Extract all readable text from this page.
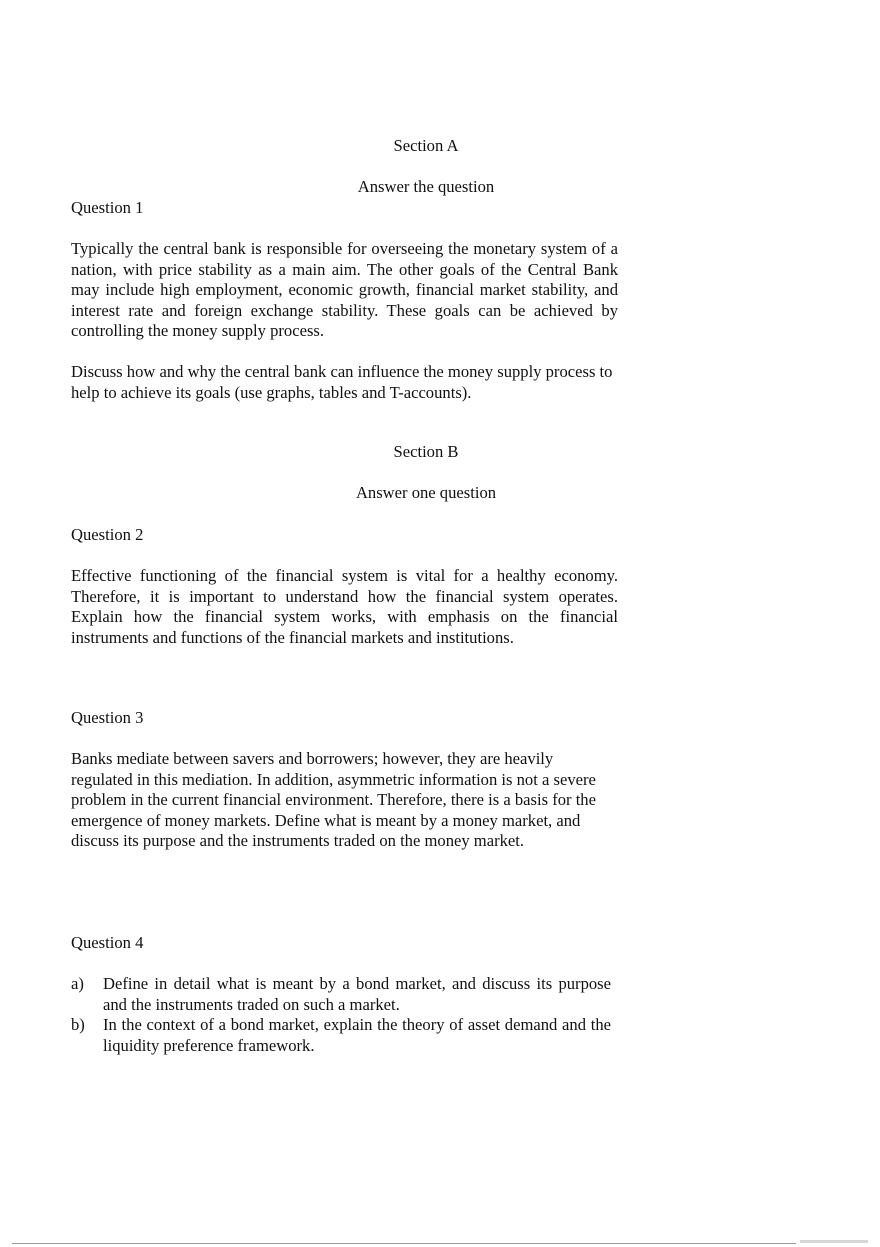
Section A

Answer the question

Question 1

Typically the central bank is responsible for overseeing the monetary system of a nation, with price stability as a main aim. The other goals of the Central Bank may include high employment, economic growth, financial market stability, and interest rate and foreign exchange stability. These goals can be achieved by controlling the money supply process.

Discuss how and why the central bank can influence the money supply process to help to achieve its goals (use graphs, tables and T-accounts).

Section B

Answer one question

Question 2

Effective functioning of the financial system is vital for a healthy economy. Therefore, it is important to understand how the financial system operates. Explain how the financial system works, with emphasis on the financial instruments and functions of the financial markets and institutions.

Question 3

Banks mediate between savers and borrowers; however, they are heavily regulated in this mediation. In addition, asymmetric information is not a severe problem in the current financial environment. Therefore, there is a basis for the emergence of money markets. Define what is meant by a money market, and discuss its purpose and the instruments traded on the money market.

Question 4

a) Define in detail what is meant by a bond market, and discuss its purpose and the instruments traded on such a market.
b) In the context of a bond market, explain the theory of asset demand and the liquidity preference framework.
